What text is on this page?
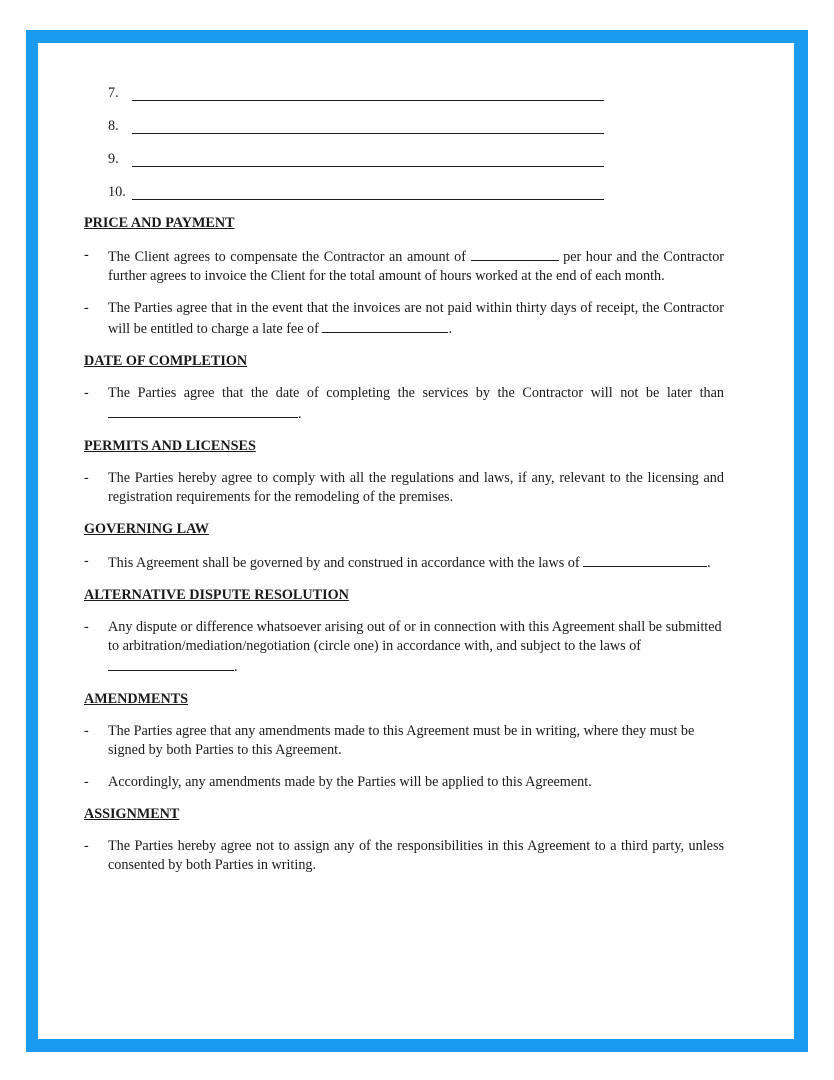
7.
8.
9.
10.
PRICE AND PAYMENT
-	The Client agrees to compensate the Contractor an amount of	per hour and the Contractor further agrees to invoice the Client for the total amount of hours worked at the end of each month.
-	The Parties agree that in the event that the invoices are not paid within thirty days of receipt, the Contractor will be entitled to charge a late fee of	.
DATE OF COMPLETION
-	The Parties agree that the date of completing the services by the Contractor will not be later than .
PERMITS AND LICENSES
-	The Parties hereby agree to comply with all the regulations and laws, if any, relevant to the licensing and registration requirements for the remodeling of the premises.
GOVERNING LAW
-	This Agreement shall be governed by and construed in accordance with the laws of	.
ALTERNATIVE DISPUTE RESOLUTION
-	Any dispute or difference whatsoever arising out of or in connection with this Agreement shall be submitted to arbitration/mediation/negotiation (circle one) in accordance with, and subject to the laws of .
AMENDMENTS
-	The Parties agree that any amendments made to this Agreement must be in writing, where they must be signed by both Parties to this Agreement.
-	Accordingly, any amendments made by the Parties will be applied to this Agreement.
ASSIGNMENT
-	The Parties hereby agree not to assign any of the responsibilities in this Agreement to a third party, unless consented by both Parties in writing.
